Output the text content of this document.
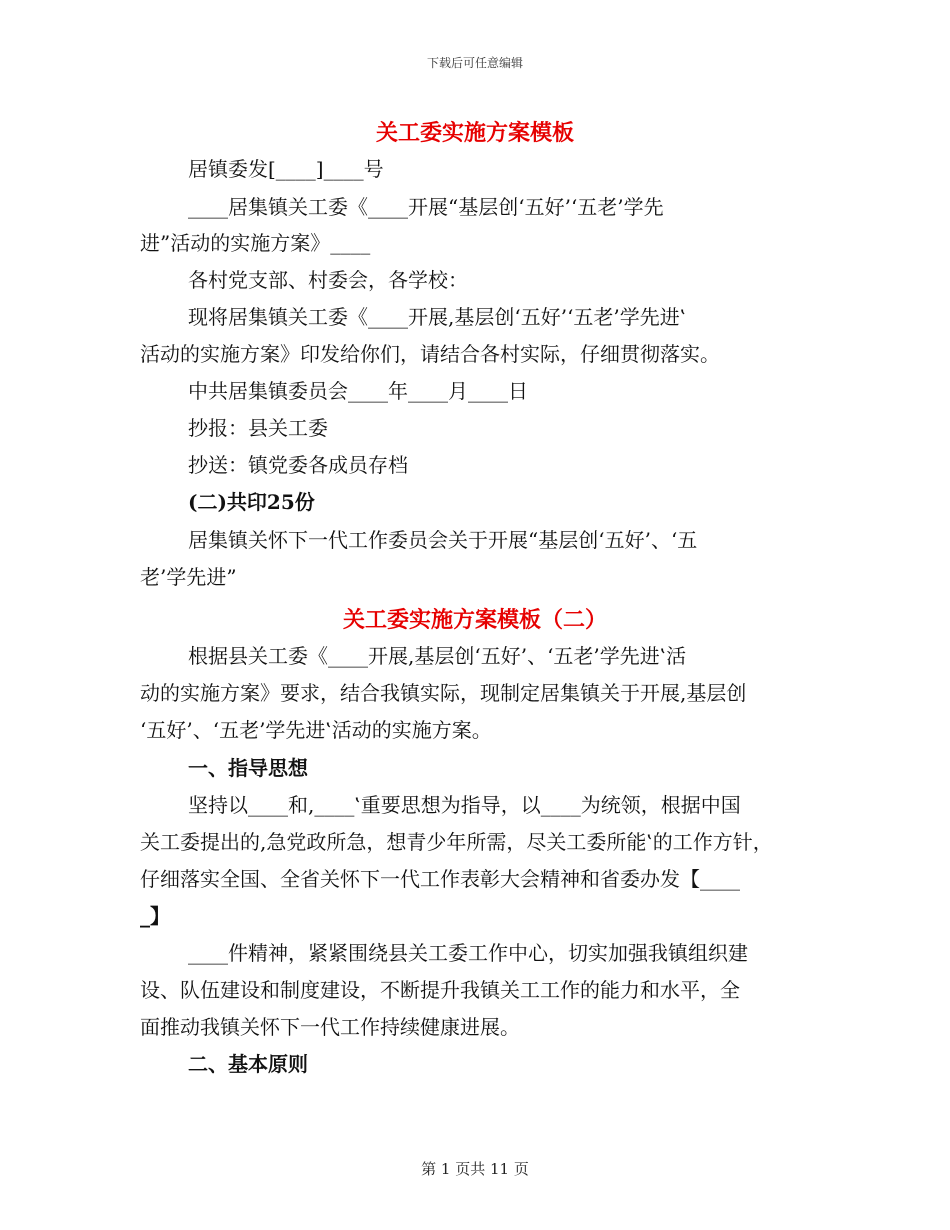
下载后可任意编辑
关工委实施方案模板
居镇委发[____]____号
____居集镇关工委《____开展“基层创‘五好’‘五老’学先
进”活动的实施方案》____
各村党支部、村委会，各学校：
现将居集镇关工委《____开展,基层创‘五好’‘五老’学先进‛
活动的实施方案》印发给你们，请结合各村实际，仔细贯彻落实。
中共居集镇委员会____年____月____日
抄报：县关工委
抄送：镇党委各成员存档
(二)共印25份
居集镇关怀下一代工作委员会关于开展“基层创‘五好’、‘五
老’学先进”
关工委实施方案模板（二）
根据县关工委《____开展,基层创‘五好’、‘五老’学先进‛活
动的实施方案》要求，结合我镇实际，现制定居集镇关于开展,基层创
‘五好’、‘五老’学先进‛活动的实施方案。
一、指导思想
坚持以____和,____‛重要思想为指导，以____为统领，根据中国
关工委提出的,急党政所急，想青少年所需，尽关工委所能‛的工作方针，
仔细落实全国、全省关怀下一代工作表彰大会精神和省委办发【____
_】
____件精神，紧紧围绕县关工委工作中心，切实加强我镇组织建
设、队伍建设和制度建设，不断提升我镇关工工作的能力和水平，全
面推动我镇关怀下一代工作持续健康进展。
二、基本原则
第 1 页共 11 页
